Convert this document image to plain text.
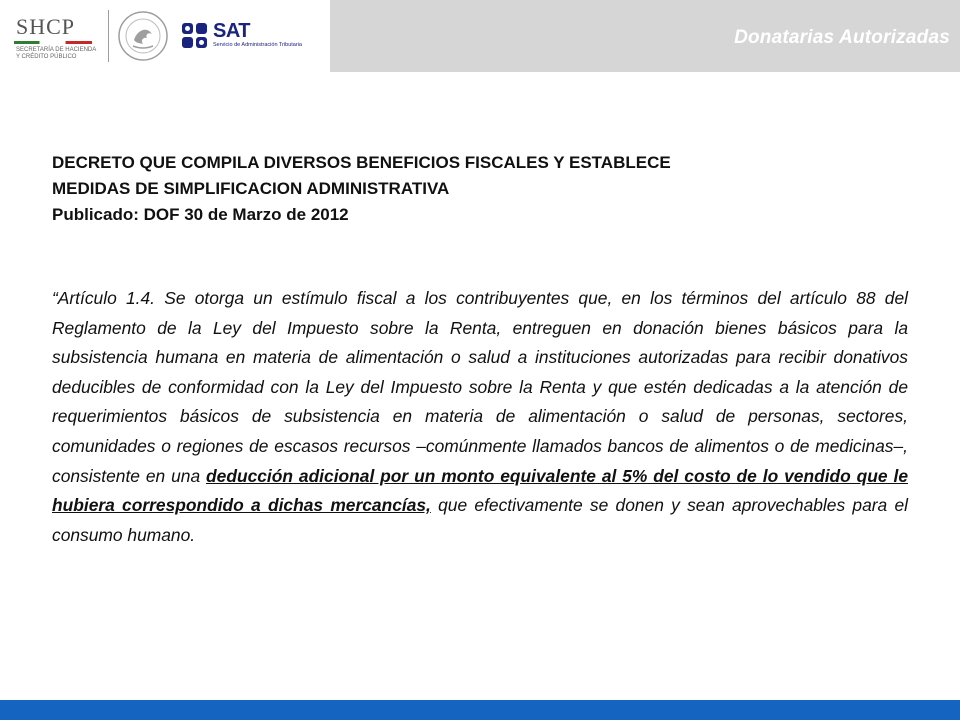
SHCP
SECRETARÍA DE HACIENDA
Y CRÉDITO PÚBLICO
SAT
Servicio de Administración Tributaria	Donatarias Autorizadas
DECRETO QUE COMPILA DIVERSOS BENEFICIOS FISCALES Y ESTABLECE
MEDIDAS DE SIMPLIFICACION ADMINISTRATIVA
Publicado: DOF 30 de Marzo de 2012
“Artículo 1.4. Se otorga un estímulo fiscal a los contribuyentes que, en los términos del artículo 88 del Reglamento de la Ley del Impuesto sobre la Renta, entreguen en donación bienes básicos para la subsistencia humana en materia de alimentación o salud a instituciones autorizadas para recibir donativos deducibles de conformidad con la Ley del Impuesto sobre la Renta y que estén dedicadas a la atención de requerimientos básicos de subsistencia en materia de alimentación o salud de personas, sectores, comunidades o regiones de escasos recursos –comúnmente llamados bancos de alimentos o de medicinas–, consistente en una deducción adicional por un monto equivalente al 5% del costo de lo vendido que le hubiera correspondido a dichas mercancías, que efectivamente se donen y sean aprovechables para el consumo humano.
